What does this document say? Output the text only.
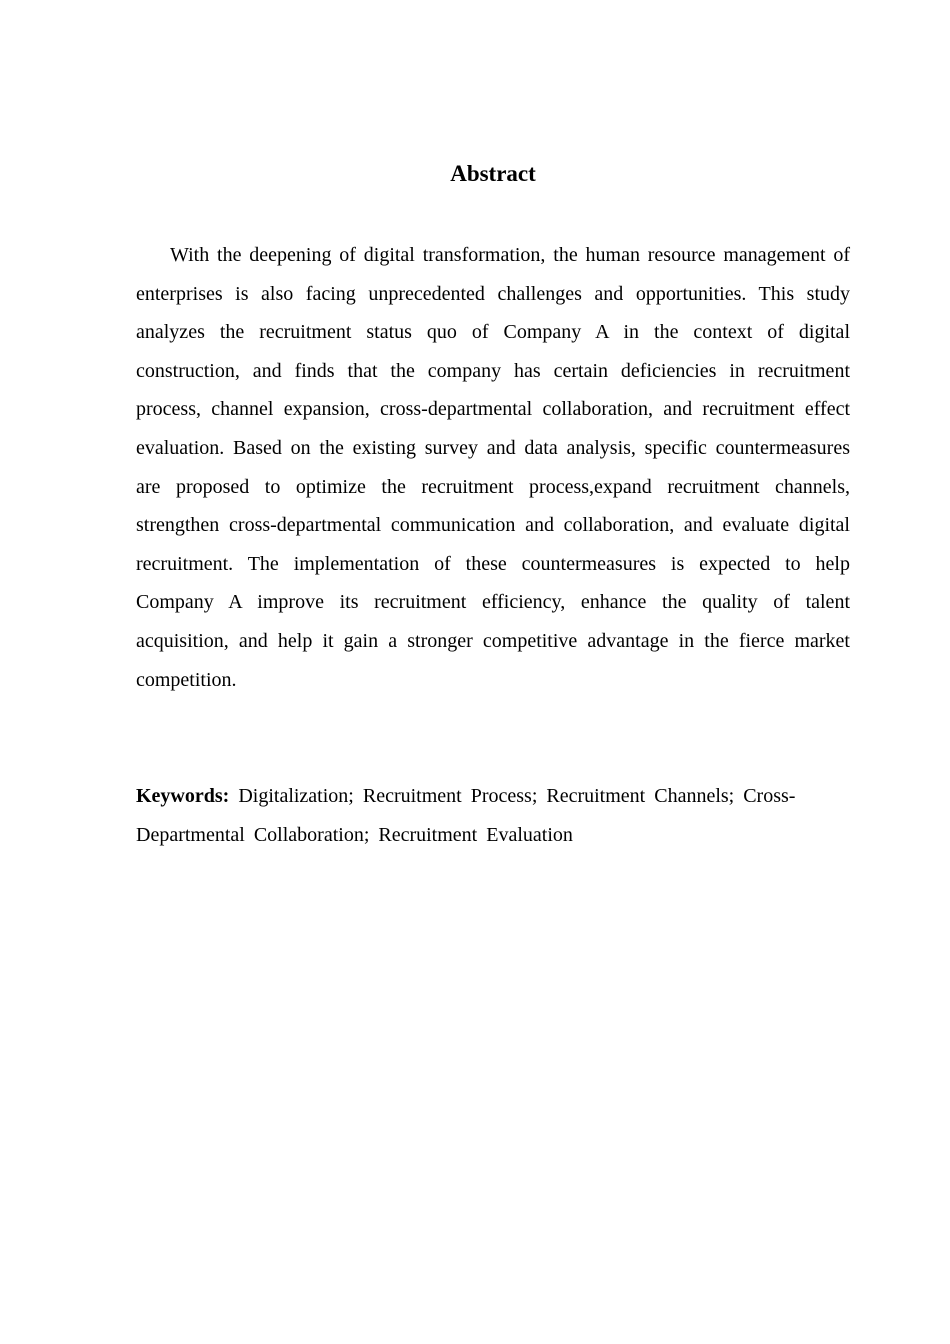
Abstract

With the deepening of digital transformation, the human resource management of enterprises is also facing unprecedented challenges and opportunities. This study analyzes the recruitment status quo of Company A in the context of digital construction, and finds that the company has certain deficiencies in recruitment process, channel expansion, cross-departmental collaboration, and recruitment effect evaluation. Based on the existing survey and data analysis, specific countermeasures are proposed to optimize the recruitment process,expand recruitment channels, strengthen cross-departmental communication and collaboration, and evaluate digital recruitment. The implementation of these countermeasures is expected to help Company A improve its recruitment efficiency, enhance the quality of talent acquisition, and help it gain a stronger competitive advantage in the fierce market competition.

Keywords: Digitalization; Recruitment Process; Recruitment Channels; Cross-Departmental Collaboration; Recruitment Evaluation
